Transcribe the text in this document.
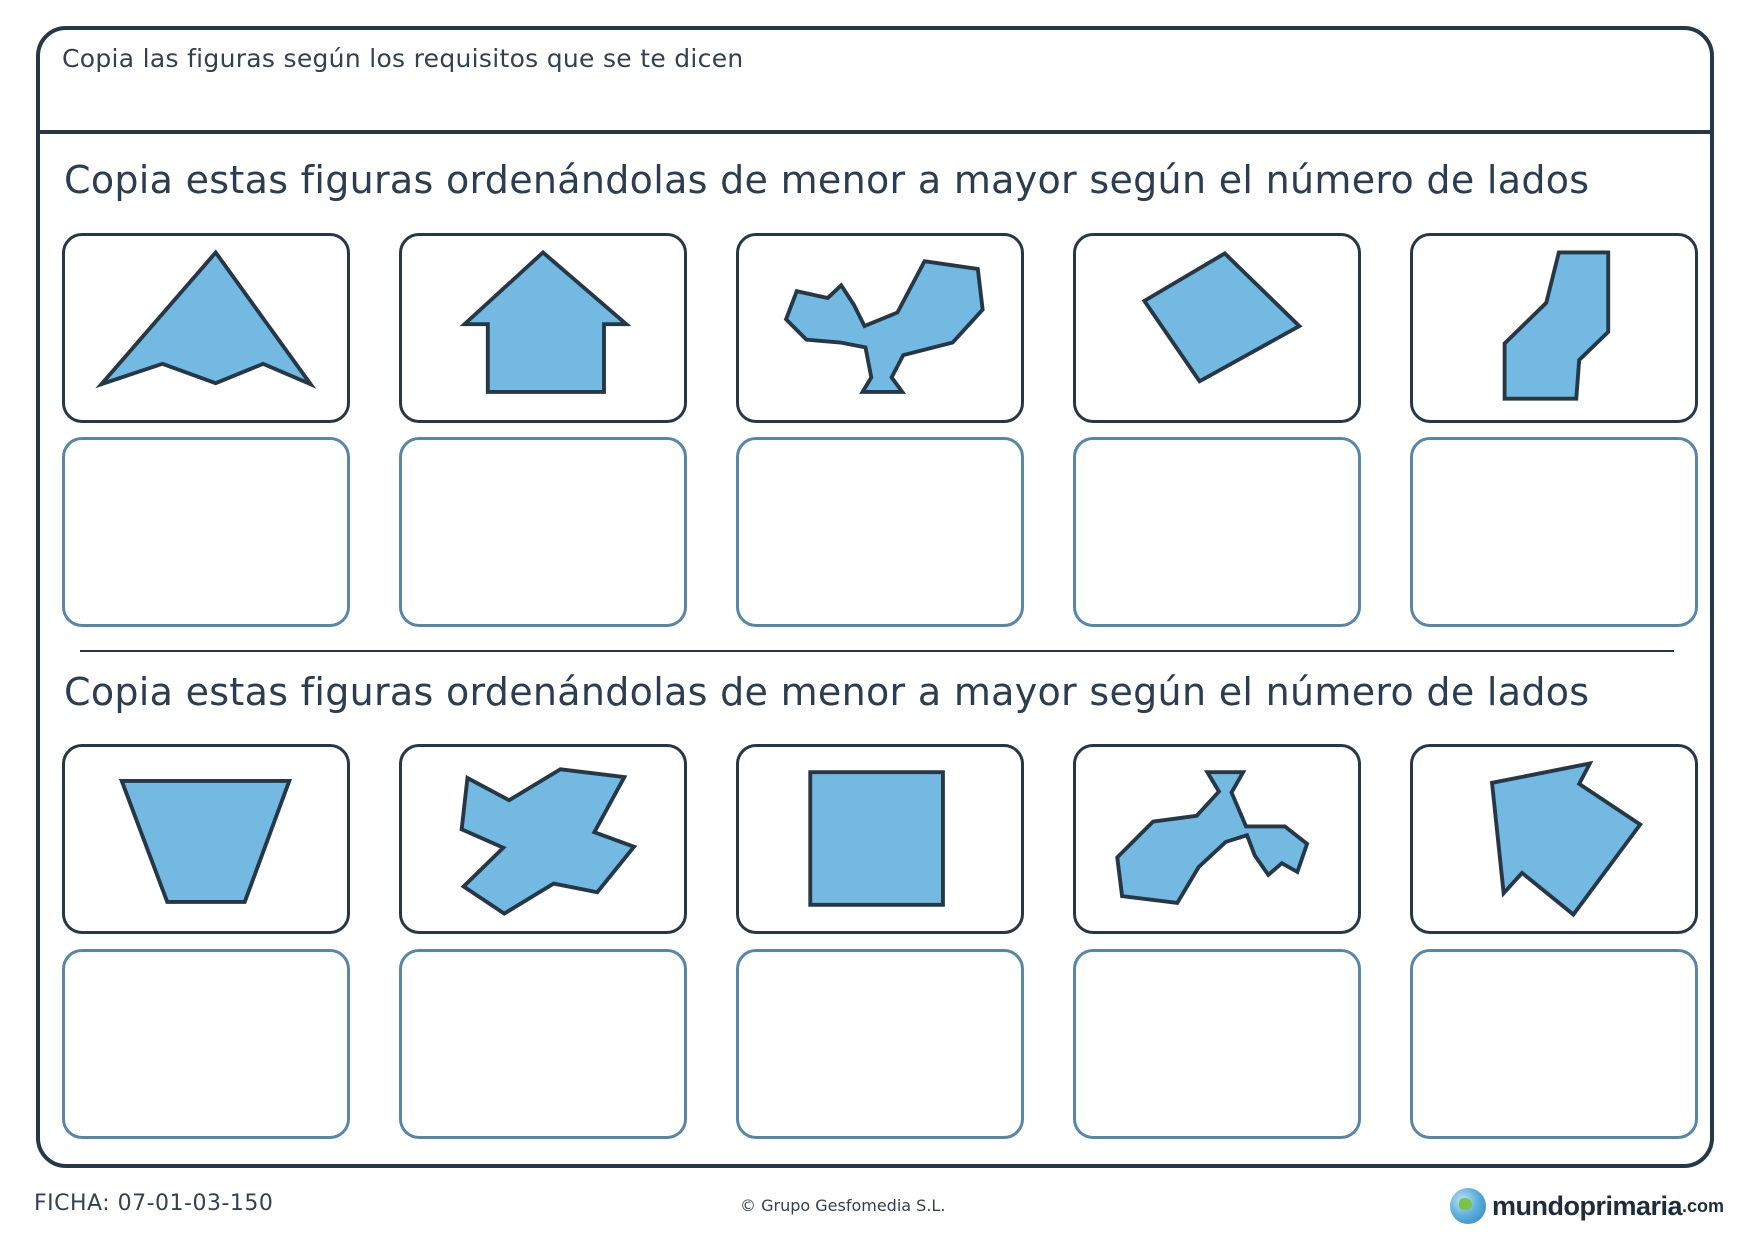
Copia las figuras según los requisitos que se te dicen
Copia estas figuras ordenándolas de menor a mayor según el número de lados
Copia estas figuras ordenándolas de menor a mayor según el número de lados
FICHA: 07-01-03-150	© Grupo Gesfomedia S.L.	mundoprimaria .com
